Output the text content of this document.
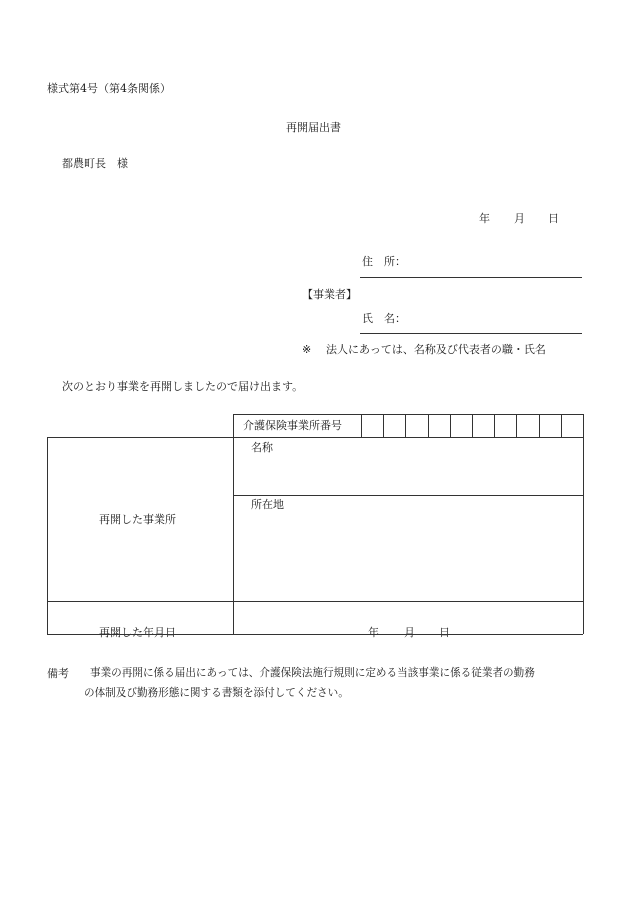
様式第4号（第4条関係）
再開届出書
都農町長　様
年 月 日
住　所：
【事業者】
氏　名：
※ 法人にあっては、名称及び代表者の職・氏名
次のとおり事業を再開しましたので届け出ます。
介護保険事業所番号
再開した事業所
名称
所在地
再開した年月日	年 月 日
備考 事業の再開に係る届出にあっては、介護保険法施行規則に定める当該事業に係る従業者の勤務
の体制及び勤務形態に関する書類を添付してください。
